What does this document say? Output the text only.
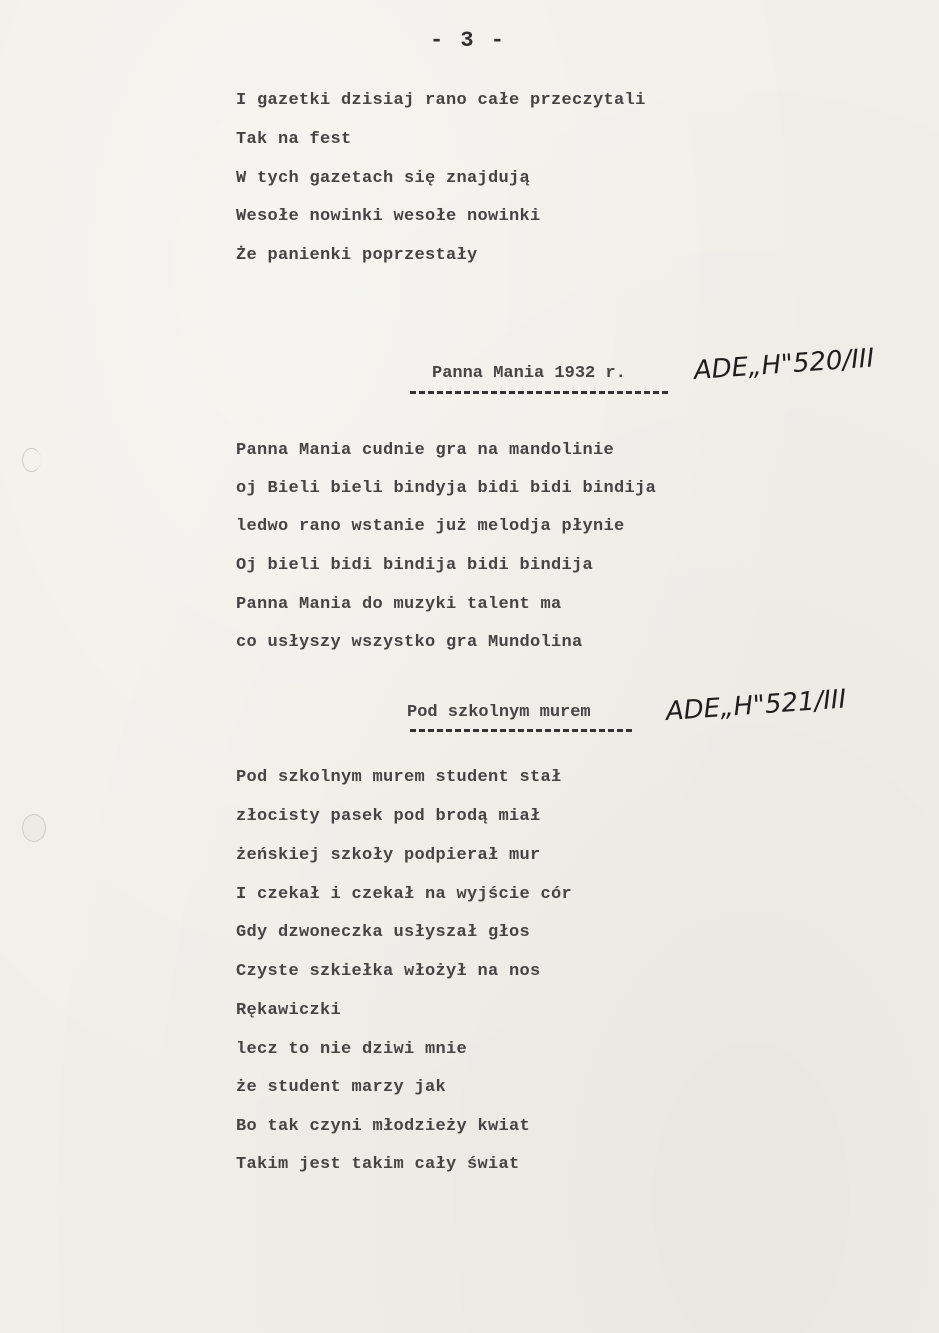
- 3 -
I gazetki dzisiaj rano całe przeczytali
Tak na fest
W tych gazetach się znajdują
Wesołe nowinki wesołe nowinki
Że panienki poprzestały
Panna Mania 1932 r.	ADE„H"520/III
Panna Mania cudnie gra na mandolinie
oj Bieli bieli bindyja bidi bidi bindija
ledwo rano wstanie już melodja płynie
Oj bieli bidi bindija bidi bindija
Panna Mania do muzyki talent ma
co usłyszy wszystko gra Mundolina
Pod szkolnym murem	ADE„H"521/III
Pod szkolnym murem student stał
złocisty pasek pod brodą miał
żeńskiej szkoły podpierał mur
I czekał i czekał na wyjście cór
Gdy dzwoneczka usłyszał głos
Czyste szkiełka włożył na nos
Rękawiczki
lecz to nie dziwi mnie
że student marzy jak
Bo tak czyni młodzieży kwiat
Takim jest takim cały świat
